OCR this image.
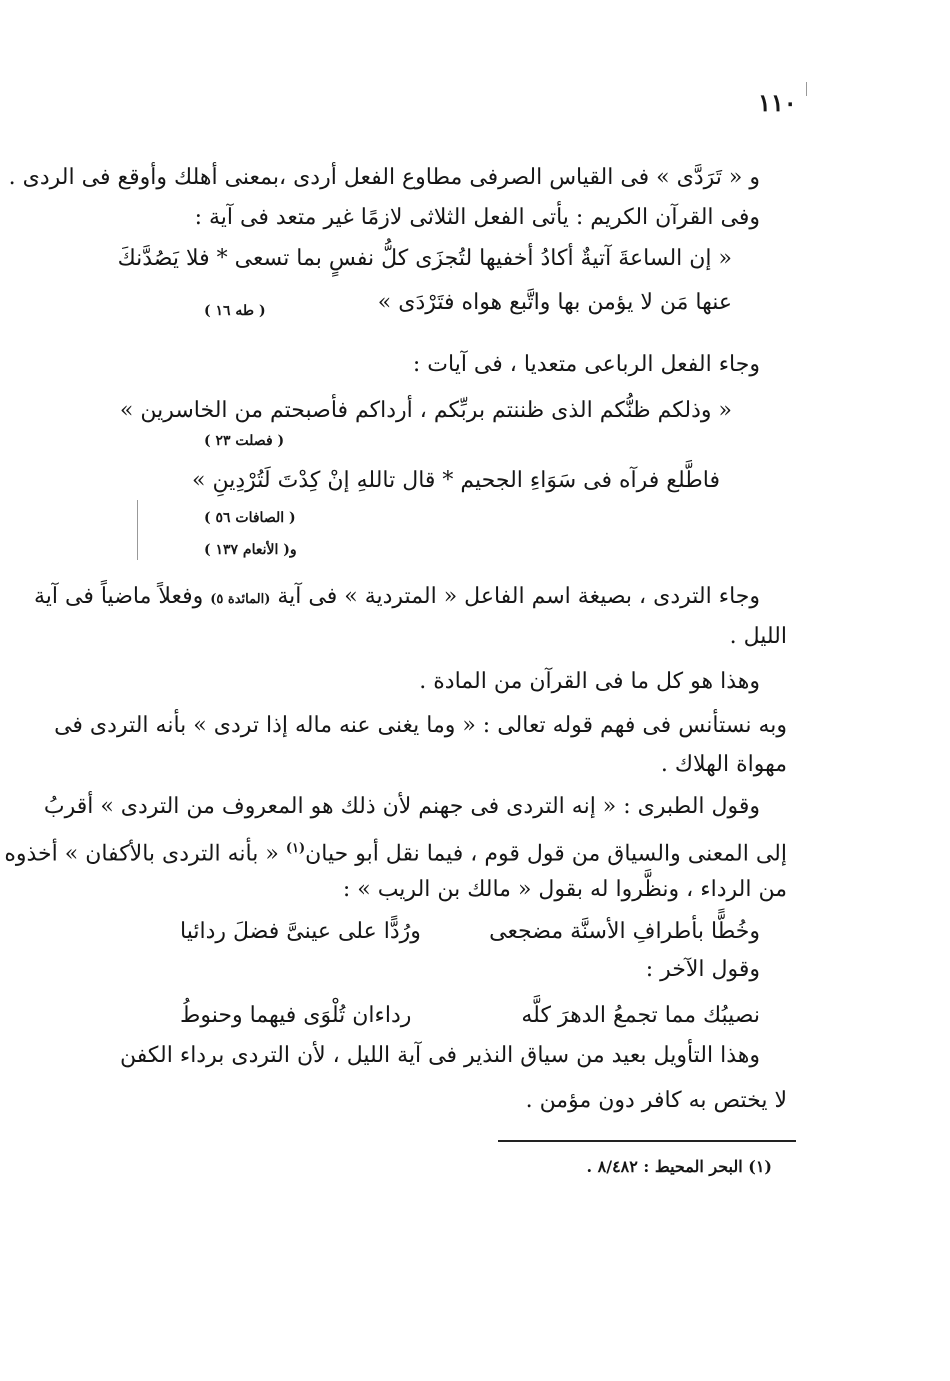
١١٠
و « تَرَدَّى » فى القياس الصرفى مطاوع الفعل أردى ،بمعنى أهلك وأوقع فى الردى .
وفى القرآن الكريم : يأتى الفعل الثلاثى لازمًا غير متعد فى آية :
« إن الساعةَ آتيةٌ أكادُ أخفيها لتُجزَى كلُّ نفسٍ بما تسعى * فلا يَصُدَّنكَ
عنها مَن لا يؤمن بها واتَّبع هواه فتَرْدَى »
( طه ١٦ )
وجاء الفعل الرباعى متعديا ، فى آيات :
« وذلكم ظنُّكم الذى ظننتم بربِّكم ، أرداكم فأصبحتم من الخاسرين »
( فصلت ٢٣ )
فاطَّلع فرآه فى سَوَاءِ الجحيم * قال تاللهِ إنْ كِدْتَ لَتُرْدِينِ »
( الصافات ٥٦ )
و( الأنعام ١٣٧ )
وجاء التردى ، بصيغة اسم الفاعل « المتردية » فى آية (المائدة ٥) وفعلاً ماضياً فى آية
الليل .
وهذا هو كل ما فى القرآن من المادة .
وبه نستأنس فى فهم قوله تعالى : « وما يغنى عنه ماله إذا تردى » بأنه التردى فى
مهواة الهلاك .
وقول الطبرى : « إنه التردى فى جهنم لأن ذلك هو المعروف من التردى » أقربُ
إلى المعنى والسياق من قول قوم ، فيما نقل أبو حيان$^{(١)}$ « بأنه التردى بالأكفان » أخذوه
من الرداء ، ونظَّروا له بقول « مالك بن الريب » :
وخُطًّا بأطرافِ الأسنَّة مضجعى
ورُدًّا على عينىَّ فضلَ ردائيا
وقول الآخر :
نصيبُك مما تجمعُ الدهرَ كلَّه
رداءان تُلْوَى فيهما وحنوطُ
وهذا التأويل بعيد من سياق النذير فى آية الليل ، لأن التردى برداء الكفن
لا يختص به كافر دون مؤمن .
(١) البحر المحيط : ٨/٤٨٢ .
